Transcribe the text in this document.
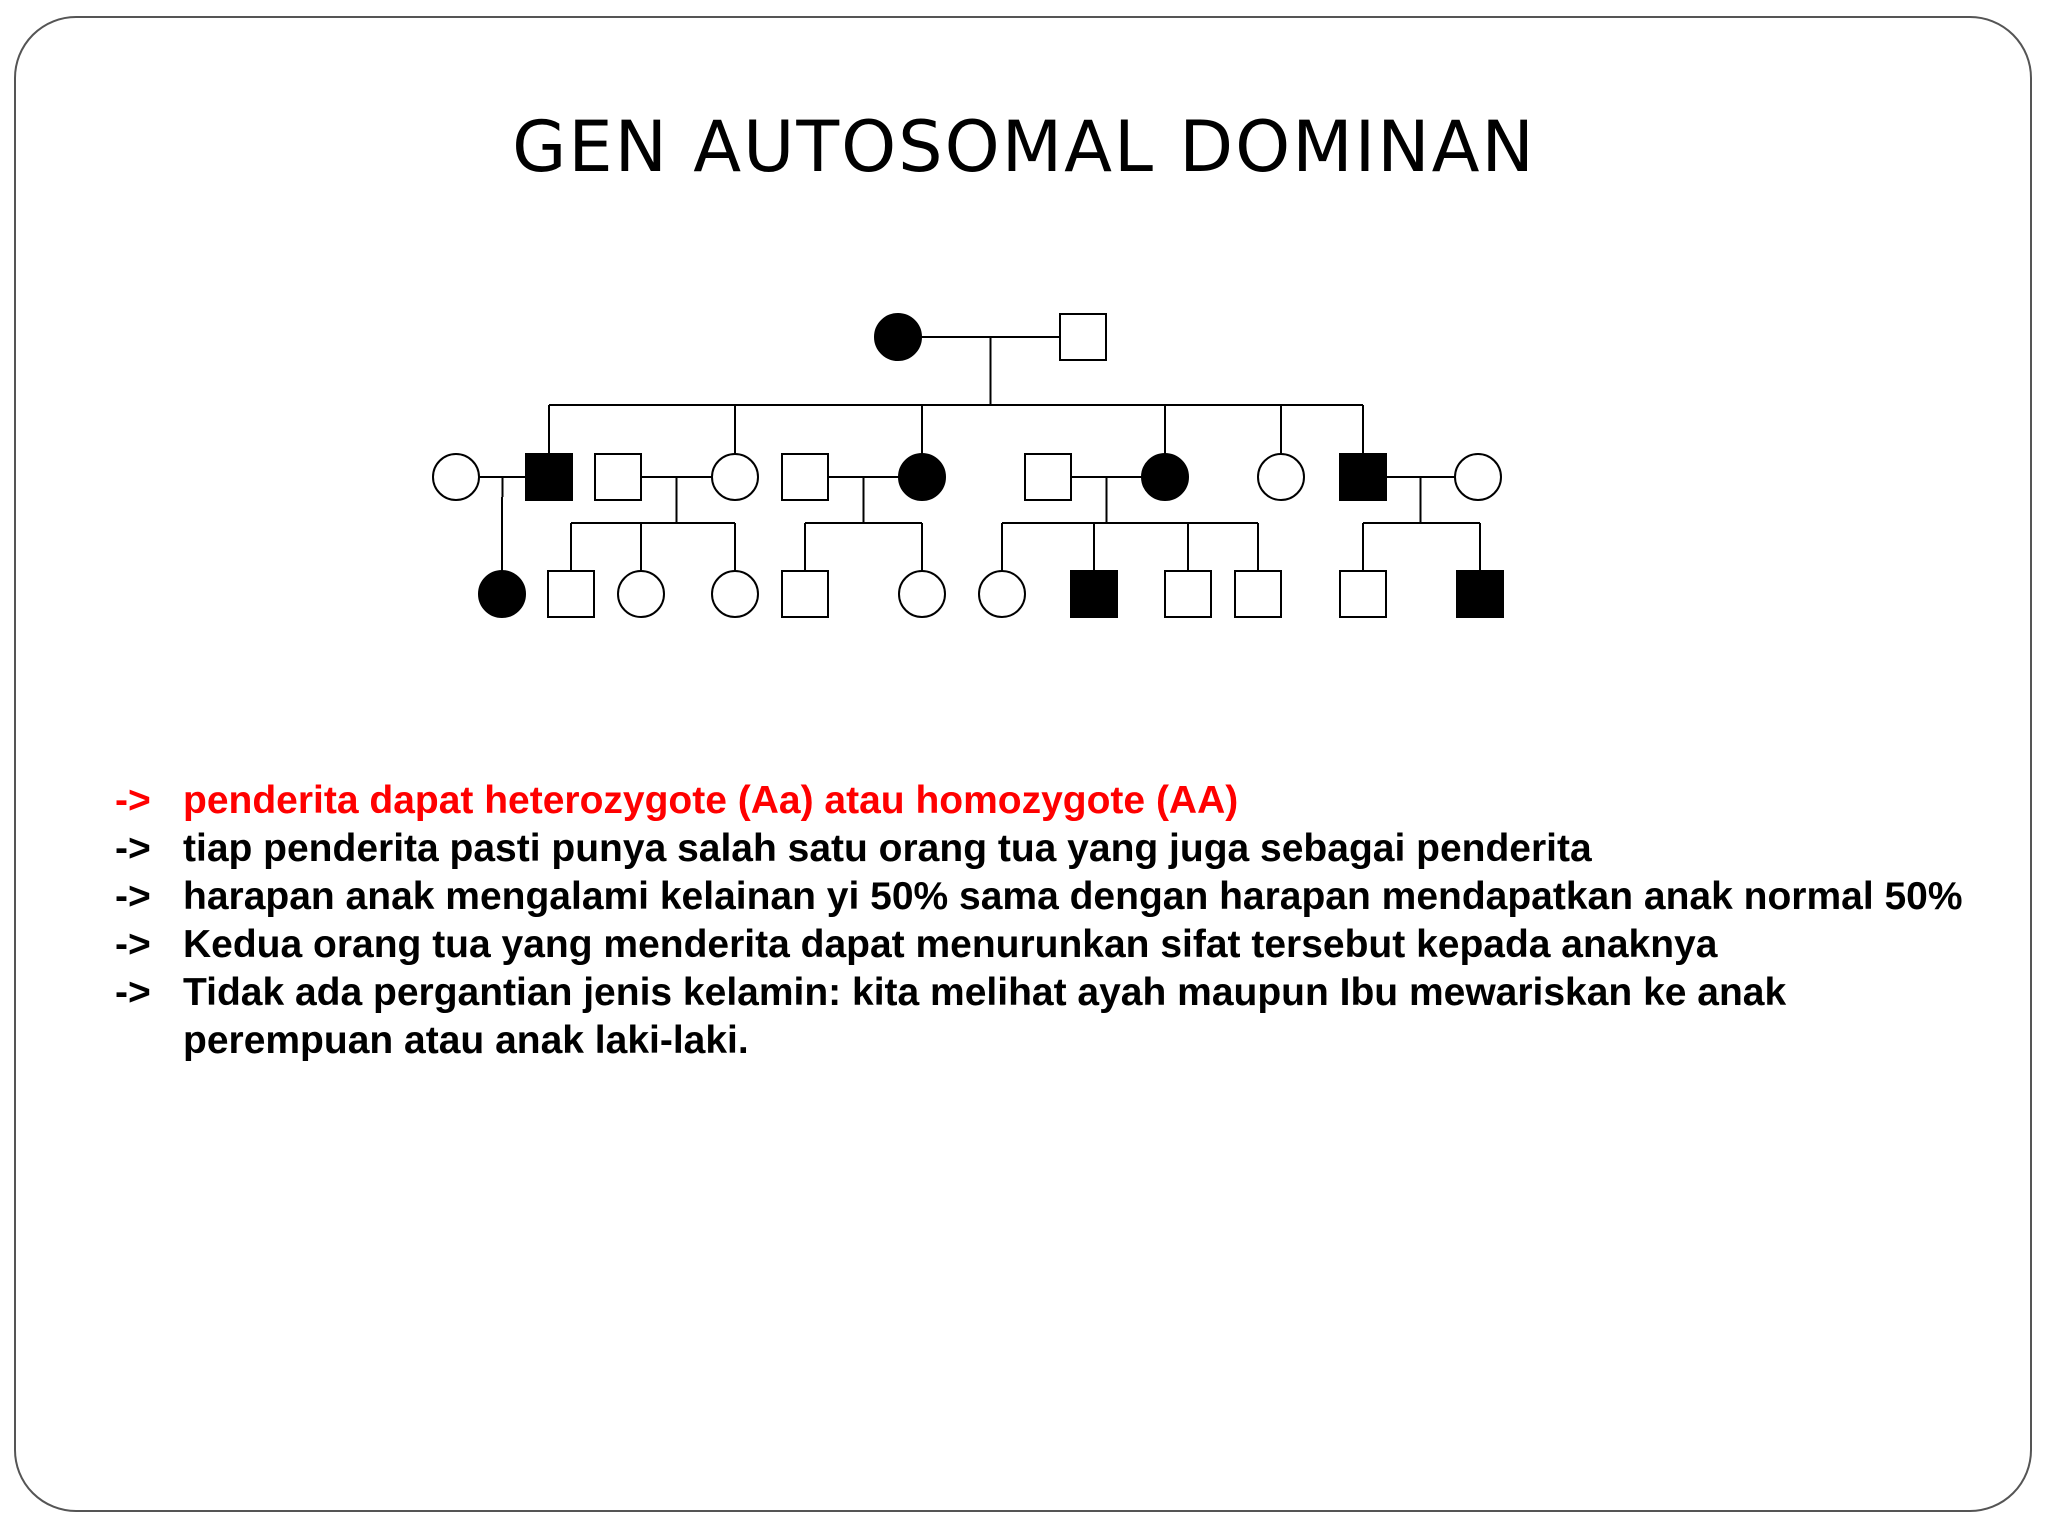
GEN AUTOSOMAL DOMINAN
-> penderita dapat heterozygote (Aa) atau homozygote (AA)
-> tiap penderita pasti punya salah satu orang tua yang juga sebagai penderita
-> harapan anak mengalami kelainan yi 50% sama dengan harapan mendapatkan anak normal 50%
-> Kedua orang tua yang menderita dapat menurunkan sifat tersebut kepada anaknya
-> Tidak ada pergantian jenis kelamin: kita melihat ayah maupun Ibu mewariskan ke anak perempuan atau anak laki-laki.
